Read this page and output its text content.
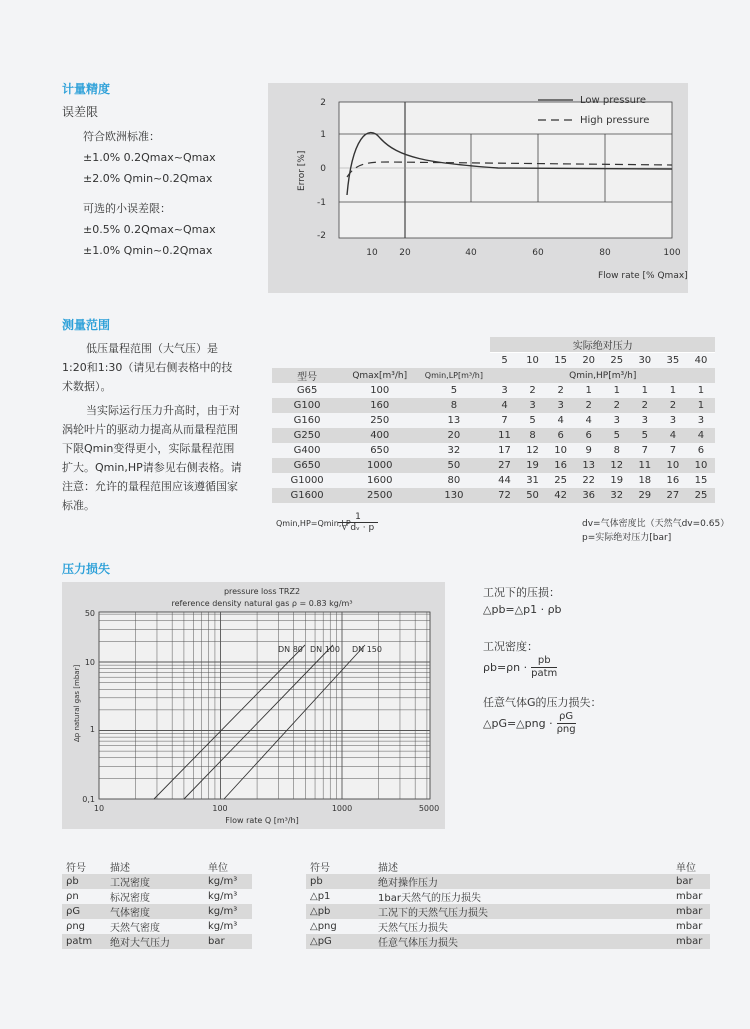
计量精度
误差限
符合欧洲标准：
±1.0% 0.2Qmax~Qmax
±2.0% Qmin~0.2Qmax
可选的小误差限：
±0.5% 0.2Qmax~Qmax
±1.0% Qmin~0.2Qmax
Low pressure
High pressure
2
1
0
-1
-2
10 20	40	60	80	100
Flow rate [% Qmax]
Error [%]
测量范围
低压量程范围（大气压）是1:20和1:30（请见右侧表格中的技术数据）。
当实际运行压力升高时，由于对涡轮叶片的驱动力提高从而量程范围下限Qmin变得更小，实际量程范围扩大。Qmin,HP请参见右侧表格。请注意：允许的量程范围应该遵循国家标准。
			实际绝对压力							
			5	10	15	20	25	30	35	40
型号	Qmax[m³/h]	Qmin,LP[m³/h]	Qmin,HP[m³/h]							
G65	100	5	3	2	2	1	1	1	1	1
G100	160	8	4	3	3	2	2	2	2	1
G160	250	13	7	5	4	4	3	3	3	3
G250	400	20	11	8	6	6	5	5	4	4
G400	650	32	17	12	10	9	8	7	7	6
G650	1000	50	27	19	16	13	12	11	10	10
G1000	1600	80	44	31	25	22	19	18	16	15
G1600	2500	130	72	50	42	36	32	29	27	25
Qmin,HP=Qmin,LP ·
$\frac{1}{\text{√ dᵥ · p}}$	dv=气体密度比（天然气dv=0.65）
p=实际绝对压力[bar]
压力损失
pressure loss TRZ2
reference density natural gas ρ = 0.83 kg/m³
DN 80 DN 100 DN 150
50
10
1
0,1
10	100	1000	5000
Flow rate Q [m³/h]
Δp natural gas [mbar]
工况下的压损：
△pb=△p1 · ρb
工况密度：
ρb=ρn ·
pb
patm
任意气体G的压力损失：
△pG=△png ·
ρG
ρng
符号	描述	单位
ρb	工况密度	kg/m³
ρn	标况密度	kg/m³
ρG	气体密度	kg/m³
ρng	天然气密度	kg/m³
patm	绝对大气压力	bar
符号	描述	单位
pb	绝对操作压力	bar
△p1	1bar天然气的压力损失	mbar
△pb	工况下的天然气压力损失	mbar
△png	天然气压力损失	mbar
△pG	任意气体压力损失	mbar
